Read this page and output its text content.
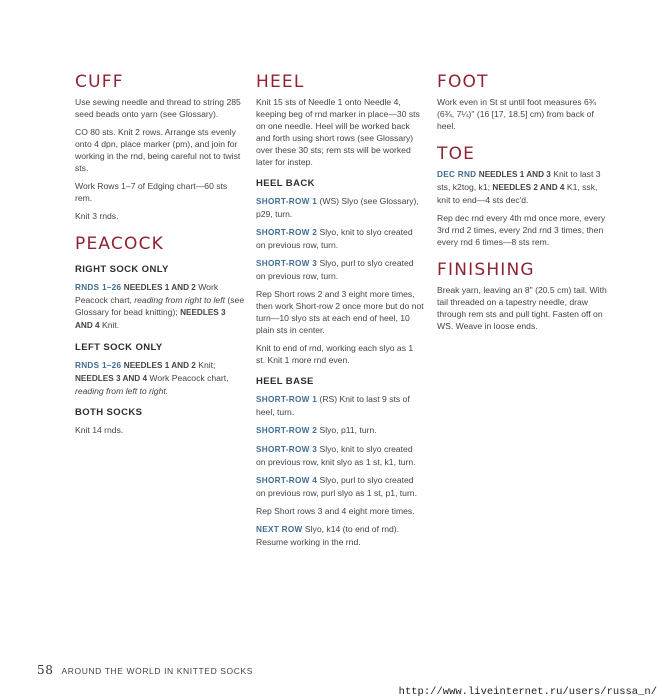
CUFF

Use sewing needle and thread to string 285 seed beads onto yarn (see Glossary).

CO 80 sts. Knit 2 rows. Arrange sts evenly onto 4 dpn, place marker (pm), and join for working in the rnd, being careful not to twist sts.

Work Rows 1–7 of Edging chart—60 sts rem.

Knit 3 rnds.

PEACOCK
RIGHT SOCK ONLY

RNDS 1–26 NEEDLES 1 AND 2 Work Peacock chart, reading from right to left (see Glossary for bead knitting); NEEDLES 3 AND 4 Knit.

LEFT SOCK ONLY

RNDS 1–26 NEEDLES 1 AND 2 Knit; NEEDLES 3 AND 4 Work Peacock chart, reading from left to right.

BOTH SOCKS

Knit 14 rnds.

HEEL

Knit 15 sts of Needle 1 onto Needle 4, keeping beg of rnd marker in place—30 sts on one needle. Heel will be worked back and forth using short rows (see Glossary) over these 30 sts; rem sts will be worked later for instep.

HEEL BACK

SHORT-ROW 1 (WS) Slyo (see Glossary), p29, turn.

SHORT-ROW 2 Slyo, knit to slyo created on previous row, turn.

SHORT-ROW 3 Slyo, purl to slyo created on previous row, turn.

Rep Short rows 2 and 3 eight more times, then work Short-row 2 once more but do not turn—10 slyo sts at each end of heel, 10 plain sts in center.

Knit to end of rnd, working each slyo as 1 st. Knit 1 more rnd even.

HEEL BASE

SHORT-ROW 1 (RS) Knit to last 9 sts of heel, turn.

SHORT-ROW 2 Slyo, p11, turn.

SHORT-ROW 3 Slyo, knit to slyo created on previous row, knit slyo as 1 st, k1, turn.

SHORT-ROW 4 Slyo, purl to slyo created on previous row, purl slyo as 1 st, p1, turn.

Rep Short rows 3 and 4 eight more times.

NEXT ROW Slyo, k14 (to end of rnd). Resume working in the rnd.

FOOT

Work even in St st until foot measures 6¾ (6¾, 7¼)" (16 [17, 18.5] cm) from back of heel.

TOE

DEC RND NEEDLES 1 AND 3 Knit to last 3 sts, k2tog, k1; NEEDLES 2 AND 4 K1, ssk, knit to end—4 sts dec'd.

Rep dec rnd every 4th rnd once more, every 3rd rnd 2 times, every 2nd rnd 3 times, then every rnd 6 times—8 sts rem.

FINISHING

Break yarn, leaving an 8" (20.5 cm) tail. With tail threaded on a tapestry needle, draw through rem sts and pull tight. Fasten off on WS. Weave in loose ends.

58 AROUND THE WORLD IN KNITTED SOCKS
http://www.liveinternet.ru/users/russa_n/
